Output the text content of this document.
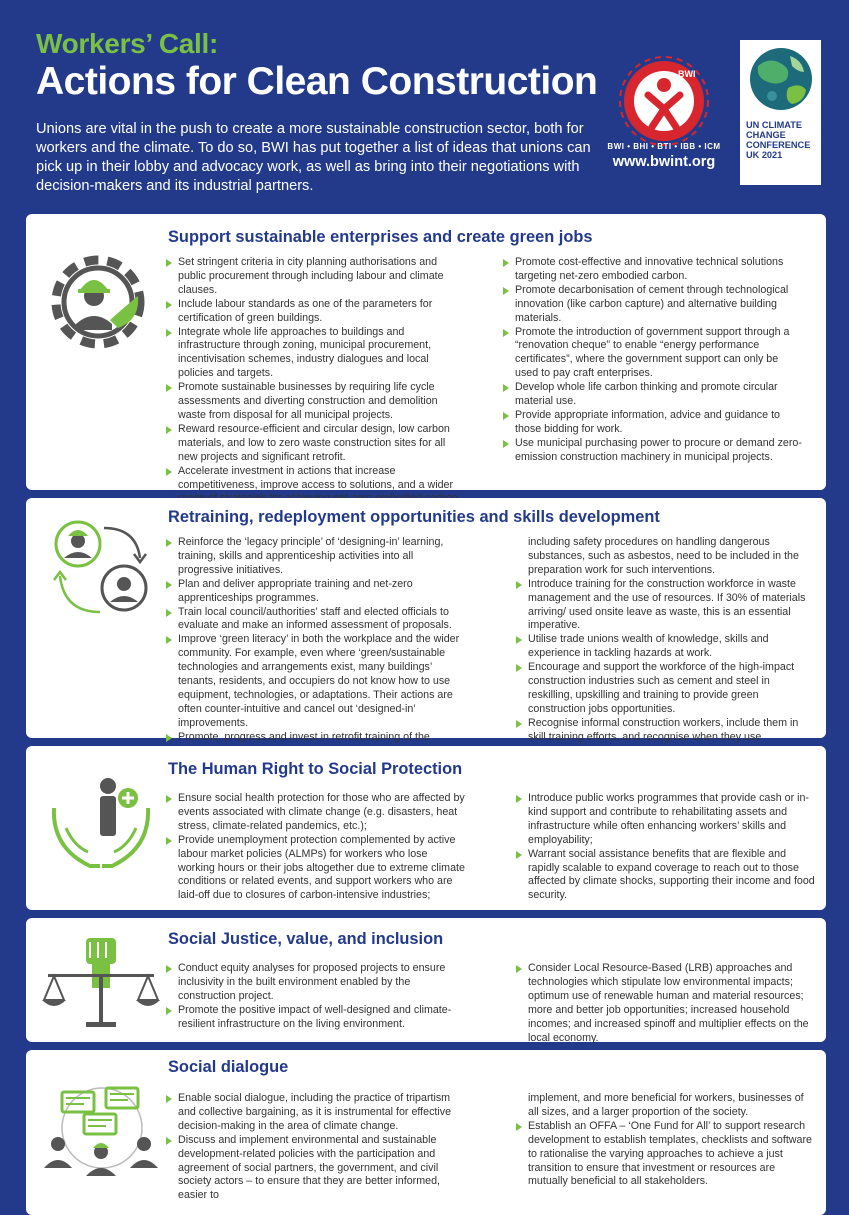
Workers’ Call:
Actions for Clean Construction
Unions are vital in the push to create a more sustainable construction sector, both for workers and the climate. To do so, BWI has put together a list of ideas that unions can pick up in their lobby and advocacy work, as well as bring into their negotiations with decision-makers and its industrial partners.
BWI
BWI • BHI • BTI • IBB • ICM
www.bwint.org
UN CLIMATE CHANGE CONFERENCE UK 2021
Support sustainable enterprises and create green jobs
Set stringent criteria in city planning authorisations and public procurement through including labour and climate clauses.
Include labour standards as one of the parameters for certification of green buildings.
Integrate whole life approaches to buildings and infrastructure through zoning, municipal procurement, incentivisation schemes, industry dialogues and local policies and targets.
Promote sustainable businesses by requiring life cycle assessments and diverting construction and demolition waste from disposal for all municipal projects.
Reward resource-efficient and circular design, low carbon materials, and low to zero waste construction sites for all new projects and significant retrofit.
Accelerate investment in actions that increase competitiveness, improve access to solutions, and a wider
Promote cost-effective and innovative technical solutions targeting net-zero embodied carbon.
Promote decarbonisation of cement through technological innovation (like carbon capture) and alternative building materials.
Promote the introduction of government support through a “renovation cheque” to enable “energy performance certificates”, where the government support can only be used to pay craft enterprises.
Develop whole life carbon thinking and promote circular material use.
Provide appropriate information, advice and guidance to those bidding for work.
Use municipal purchasing power to procure or demand zero-emission construction machinery in municipal projects.
Retraining, redeployment opportunities and skills development
Reinforce the ‘legacy principle’ of ‘designing-in’ learning, training, skills and apprenticeship activities into all progressive initiatives.
Plan and deliver appropriate training and net-zero apprenticeships programmes.
Train local council/authorities’ staff and elected officials to evaluate and make an informed assessment of proposals.
Improve ‘green literacy’ in both the workplace and the wider community. For example, even where ‘green/sustainable technologies and arrangements exist, many buildings’ tenants, residents, and occupiers do not know how to use equipment, technologies, or adaptations. Their actions are often counter-intuitive and cancel out ‘designed-in’ improvements.
Promote, progress and invest in retrofit training of the
including safety procedures on handling dangerous substances, such as asbestos, need to be included in the preparation work for such interventions.
Introduce training for the construction workforce in waste management and the use of resources. If 30% of materials arriving/ used onsite leave as waste, this is an essential imperative.
Utilise trade unions wealth of knowledge, skills and experience in tackling hazards at work.
Encourage and support the workforce of the high-impact construction industries such as cement and steel in reskilling, upskilling and training to provide green construction jobs opportunities.
Recognise informal construction workers, include them in skill training efforts, and recognise when they use
The Human Right to Social Protection
Ensure social health protection for those who are affected by events associated with climate change (e.g. disasters, heat stress, climate-related pandemics, etc.);
Provide unemployment protection complemented by active labour market policies (ALMPs) for workers who lose working hours or their jobs altogether due to extreme climate conditions or related events, and support workers who are laid-off due to closures of carbon-intensive industries;
Introduce public works programmes that provide cash or in-kind support and contribute to rehabilitating assets and infrastructure while often enhancing workers’ skills and employability;
Warrant social assistance benefits that are flexible and rapidly scalable to expand coverage to reach out to those affected by climate shocks, supporting their income and food security.
Social Justice, value, and inclusion
Conduct equity analyses for proposed projects to ensure inclusivity in the built environment enabled by the construction project.
Promote the positive impact of well-designed and climate-resilient infrastructure on the living environment.
Consider Local Resource-Based (LRB) approaches and technologies which stipulate low environmental impacts; optimum use of renewable human and material resources; more and better job opportunities; increased household incomes; and increased spinoff and multiplier effects on the local economy.
Social dialogue
Enable social dialogue, including the practice of tripartism and collective bargaining, as it is instrumental for effective decision-making in the area of climate change.
Discuss and implement environmental and sustainable development-related policies with the participation and agreement of social partners, the government, and civil society actors – to ensure that they are better informed, easier to
implement, and more beneficial for workers, businesses of all sizes, and a larger proportion of the society.
Establish an OFFA – ‘One Fund for All’ to support research development to establish templates, checklists and software to rationalise the varying approaches to achieve a just transition to ensure that investment or resources are mutually beneficial to all stakeholders.
